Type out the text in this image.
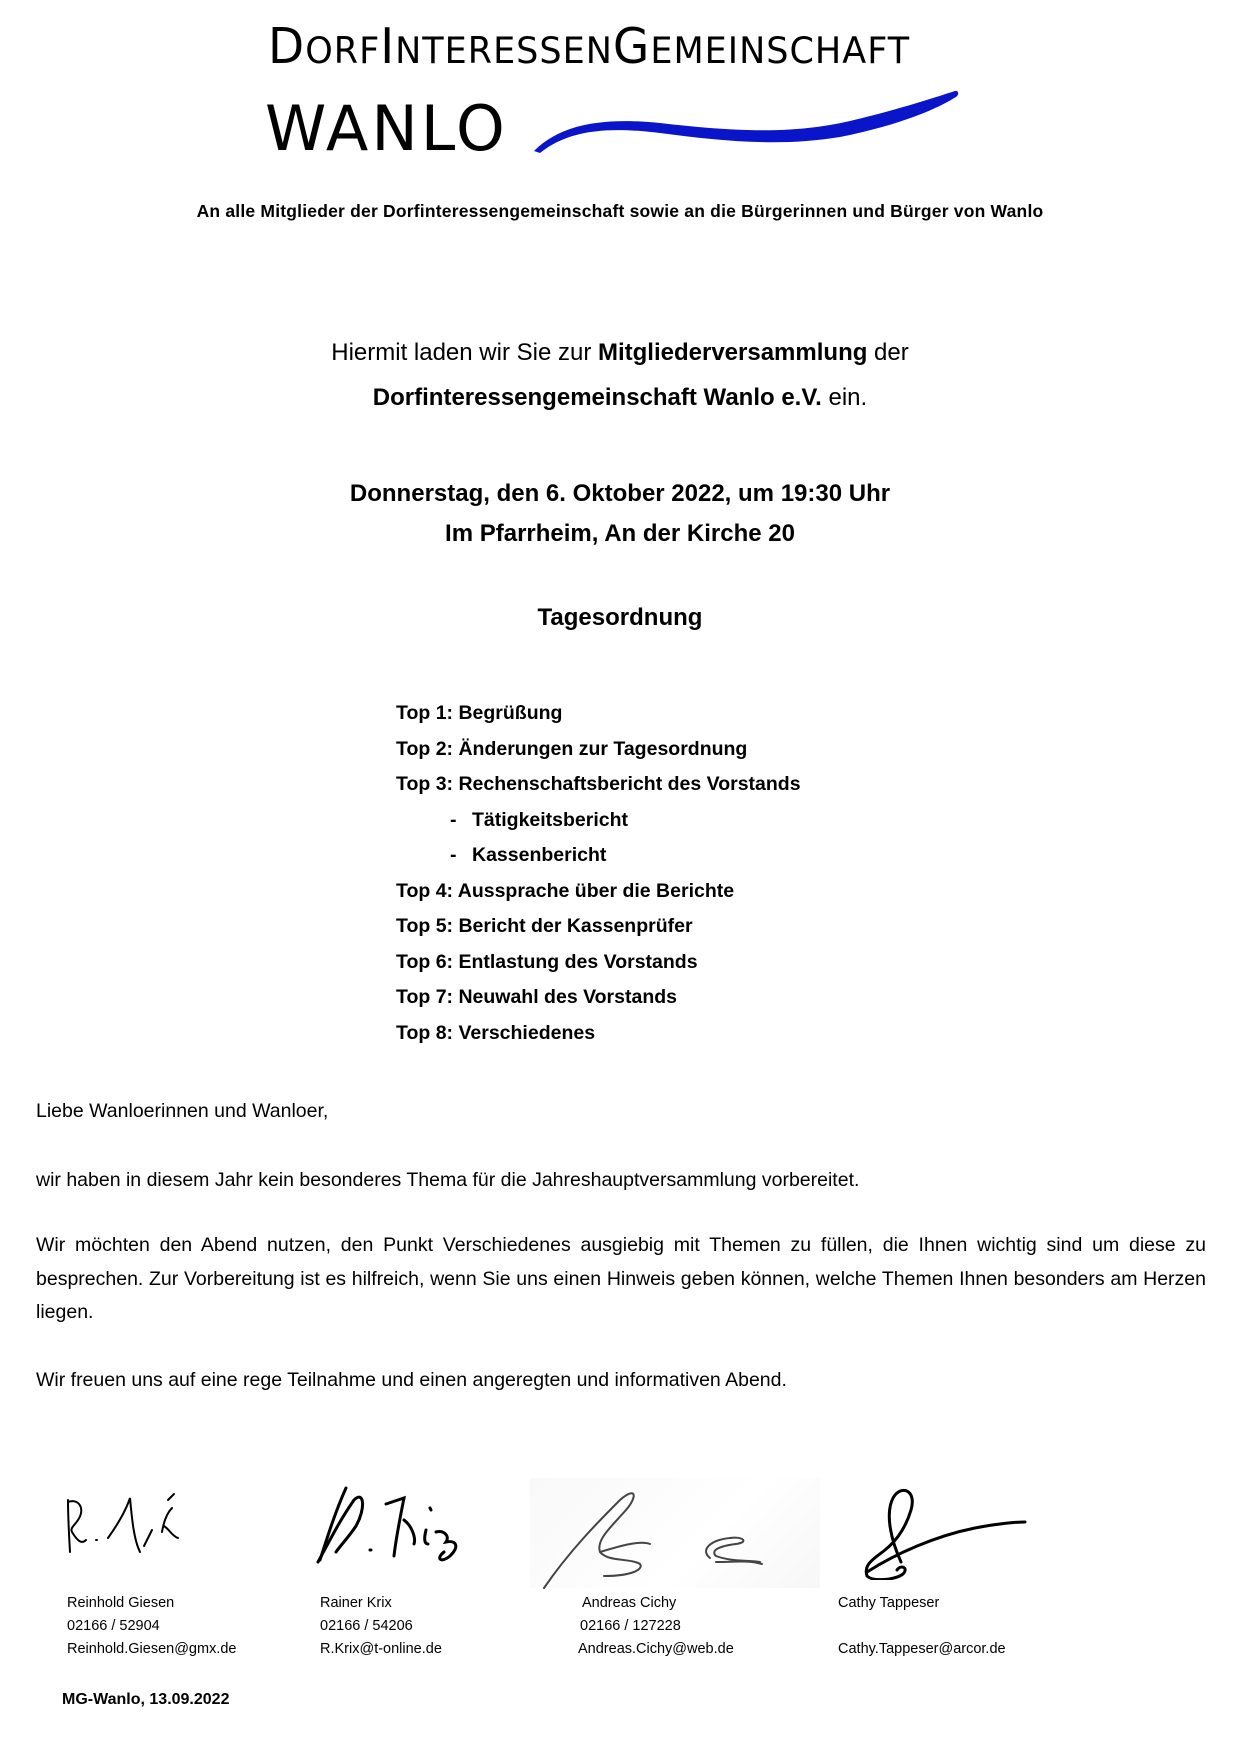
DORFINTERESSENGEMEINSCHAFT
WANLO
An alle Mitglieder der Dorfinteressengemeinschaft sowie an die Bürgerinnen und Bürger von Wanlo
Hiermit laden wir Sie zur Mitgliederversammlung der
Dorfinteressengemeinschaft Wanlo e.V. ein.
Donnerstag, den 6. Oktober 2022, um 19:30 Uhr
Im Pfarrheim, An der Kirche 20
Tagesordnung
Top 1: Begrüßung
Top 2: Änderungen zur Tagesordnung
Top 3: Rechenschaftsbericht des Vorstands
- Tätigkeitsbericht
- Kassenbericht
Top 4: Aussprache über die Berichte
Top 5: Bericht der Kassenprüfer
Top 6: Entlastung des Vorstands
Top 7: Neuwahl des Vorstands
Top 8: Verschiedenes
Liebe Wanloerinnen und Wanloer,
wir haben in diesem Jahr kein besonderes Thema für die Jahreshauptversammlung vorbereitet.
Wir möchten den Abend nutzen, den Punkt Verschiedenes ausgiebig mit Themen zu füllen, die Ihnen wichtig sind um diese zu besprechen. Zur Vorbereitung ist es hilfreich, wenn Sie uns einen Hinweis geben können, welche Themen Ihnen besonders am Herzen liegen.
Wir freuen uns auf eine rege Teilnahme und einen angeregten und informativen Abend.
Reinhold Giesen
02166 / 52904
Reinhold.Giesen@gmx.de
Rainer Krix
02166 / 54206
R.Krix@t-online.de
Andreas Cichy
02166 / 127228
Andreas.Cichy@web.de
Cathy Tappeser
Cathy.Tappeser@arcor.de
MG-Wanlo, 13.09.2022
